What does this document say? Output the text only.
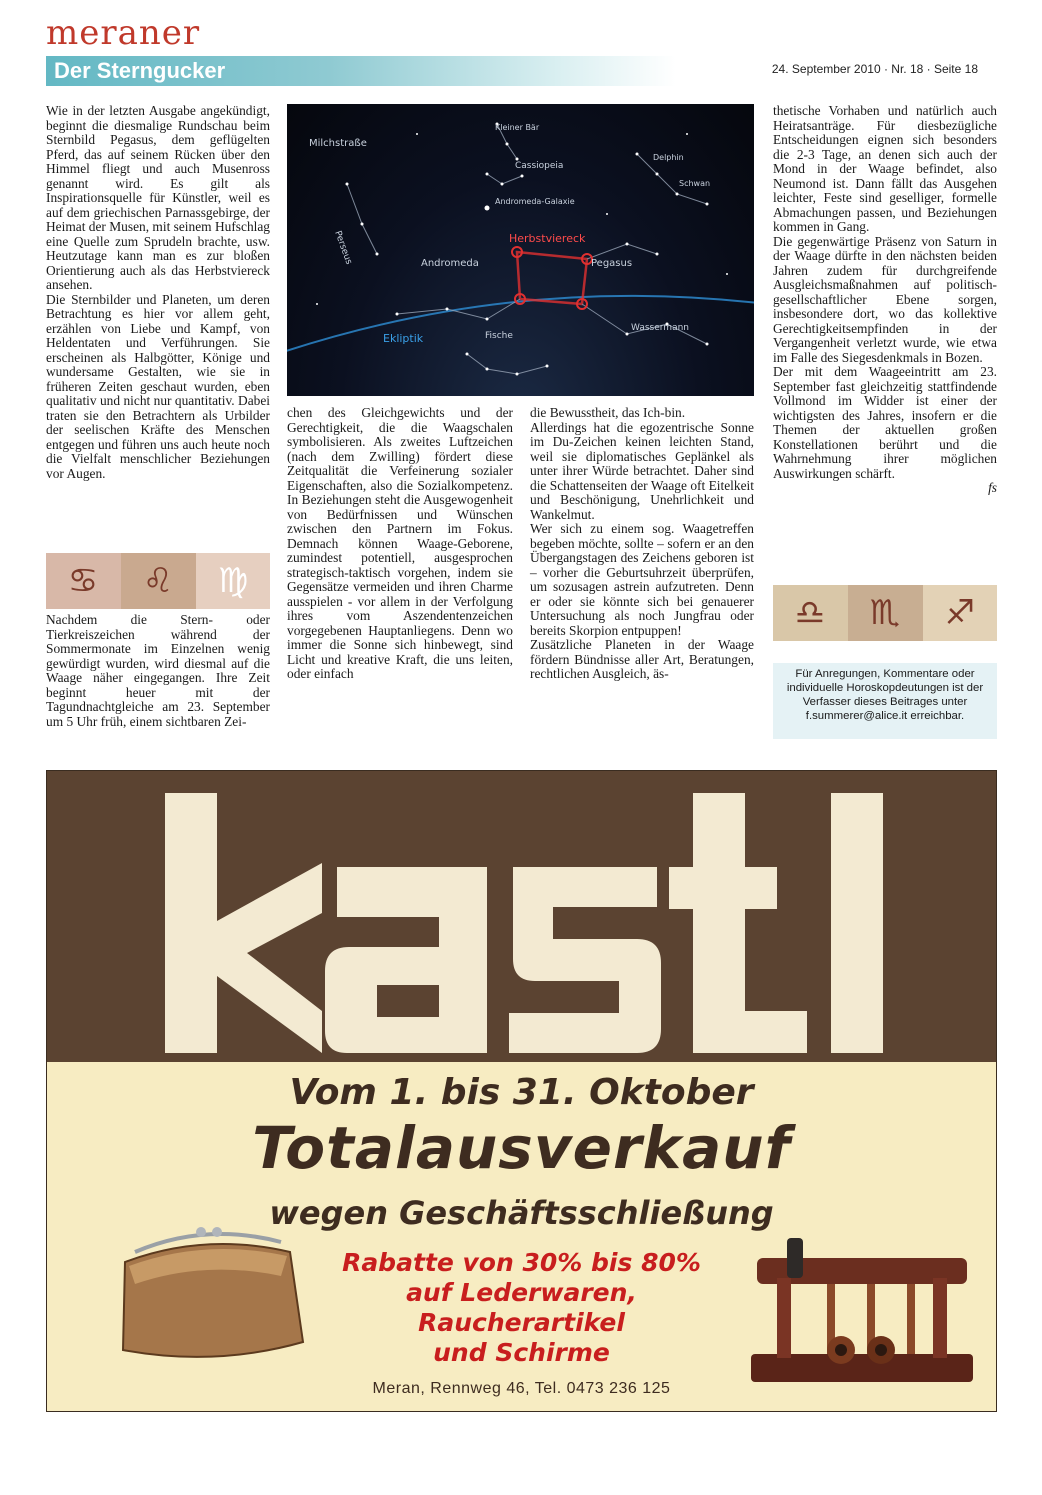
meraner
Der Sterngucker	24. September 2010 · Nr. 18 · Seite 18

Wie in der letzten Ausgabe angekündigt, beginnt die diesmalige Rundschau beim Sternbild Pegasus, dem geflügelten Pferd, das auf seinem Rücken über den Himmel fliegt und auch Musenross genannt wird. Es gilt als Inspirationsquelle für Künstler, weil es auf dem griechischen Parnassgebirge, der Heimat der Musen, mit seinem Hufschlag eine Quelle zum Sprudeln brachte, usw. Heutzutage kann man es zur bloßen Orientierung auch als das Herbstviereck ansehen.

Die Sternbilder und Planeten, um deren Betrachtung es hier vor allem geht, erzählen von Liebe und Kampf, von Heldentaten und Verführungen. Sie erscheinen als Halbgötter, Könige und wundersame Gestalten, wie sie in früheren Zeiten geschaut wurden, eben qualitativ und nicht nur quantitativ. Dabei traten sie den Betrachtern als Urbilder der seelischen Kräfte des Menschen entgegen und führen uns auch heute noch die Vielfalt menschlicher Beziehungen vor Augen.

♋	♌	♍

Nachdem die Stern- oder Tierkreiszeichen während der Sommermonate im Einzelnen wenig gewürdigt wurden, wird diesmal auf die Waage näher eingegangen. Ihre Zeit beginnt heuer mit der Tagundnachtgleiche am 23. September um 5 Uhr früh, einem sichtbaren Zei-

Milchstraße
Kleiner Bär
Cassiopeia
Andromeda-Galaxie
Herbstviereck
Andromeda	Pegasus
Perseus
Fische
Ekliptik
Wassermann
Delphin
Schwan

chen des Gleichgewichts und der Gerechtigkeit, die die Waagschalen symbolisieren. Als zweites Luftzeichen (nach dem Zwilling) fördert diese Zeitqualität die Verfeinerung sozialer Eigenschaften, also die Sozialkompetenz. In Beziehungen steht die Ausgewogenheit von Bedürfnissen und Wünschen zwischen den Partnern im Fokus. Demnach können Waage-Geborene, zumindest potentiell, ausgesprochen strategisch-taktisch vorgehen, indem sie Gegensätze vermeiden und ihren Charme ausspielen - vor allem in der Verfolgung ihres vom Aszendentenzeichen vorgegebenen Hauptanliegens. Denn wo immer die Sonne sich hinbewegt, sind Licht und kreative Kraft, die uns leiten, oder einfach

die Bewusstheit, das Ich-bin.

Allerdings hat die egozentrische Sonne im Du-Zeichen keinen leichten Stand, weil sie diplomatisches Geplänkel als unter ihrer Würde betrachtet. Daher sind die Schattenseiten der Waage oft Eitelkeit und Beschönigung, Unehrlichkeit und Wankelmut.

Wer sich zu einem sog. Waagetreffen begeben möchte, sollte – sofern er an den Übergangstagen des Zeichens geboren ist – vorher die Geburtsuhrzeit überprüfen, um sozusagen astrein aufzutreten. Denn er oder sie könnte sich bei genauerer Untersuchung als noch Jungfrau oder bereits Skorpion entpuppen!

Zusätzliche Planeten in der Waage fördern Bündnisse aller Art, Beratungen, rechtlichen Ausgleich, äs-

thetische Vorhaben und natürlich auch Heiratsanträge. Für diesbezügliche Entscheidungen eignen sich besonders die 2-3 Tage, an denen sich auch der Mond in der Waage befindet, also Neumond ist. Dann fällt das Ausgehen leichter, Feste sind geselliger, formelle Abmachungen passen, und Beziehungen kommen in Gang.

Die gegenwärtige Präsenz von Saturn in der Waage dürfte in den nächsten beiden Jahren zudem für durchgreifende Ausgleichsmaßnahmen auf politisch-gesellschaftlicher Ebene sorgen, insbesondere dort, wo das kollektive Gerechtigkeitsempfinden in der Vergangenheit verletzt wurde, wie etwa im Falle des Siegesdenkmals in Bozen.

Der mit dem Waageeintritt am 23. September fast gleichzeitig stattfindende Vollmond im Widder ist einer der wichtigsten des Jahres, insofern er die Themen der aktuellen großen Konstellationen berührt und die Wahrnehmung ihrer möglichen Auswirkungen schärft.

fs

♎	♏	♐
Für Anregungen, Kommentare oder individuelle Horoskopdeutungen ist der Verfasser dieses Beitrages unter f.summerer@alice.it erreichbar.
kastl
Vom 1. bis 31. Oktober
Totalausverkauf
wegen Geschäftsschließung
Rabatte von 30% bis 80%
auf Lederwaren,
Raucherartikel
und Schirme
Meran, Rennweg 46, Tel. 0473 236 125
